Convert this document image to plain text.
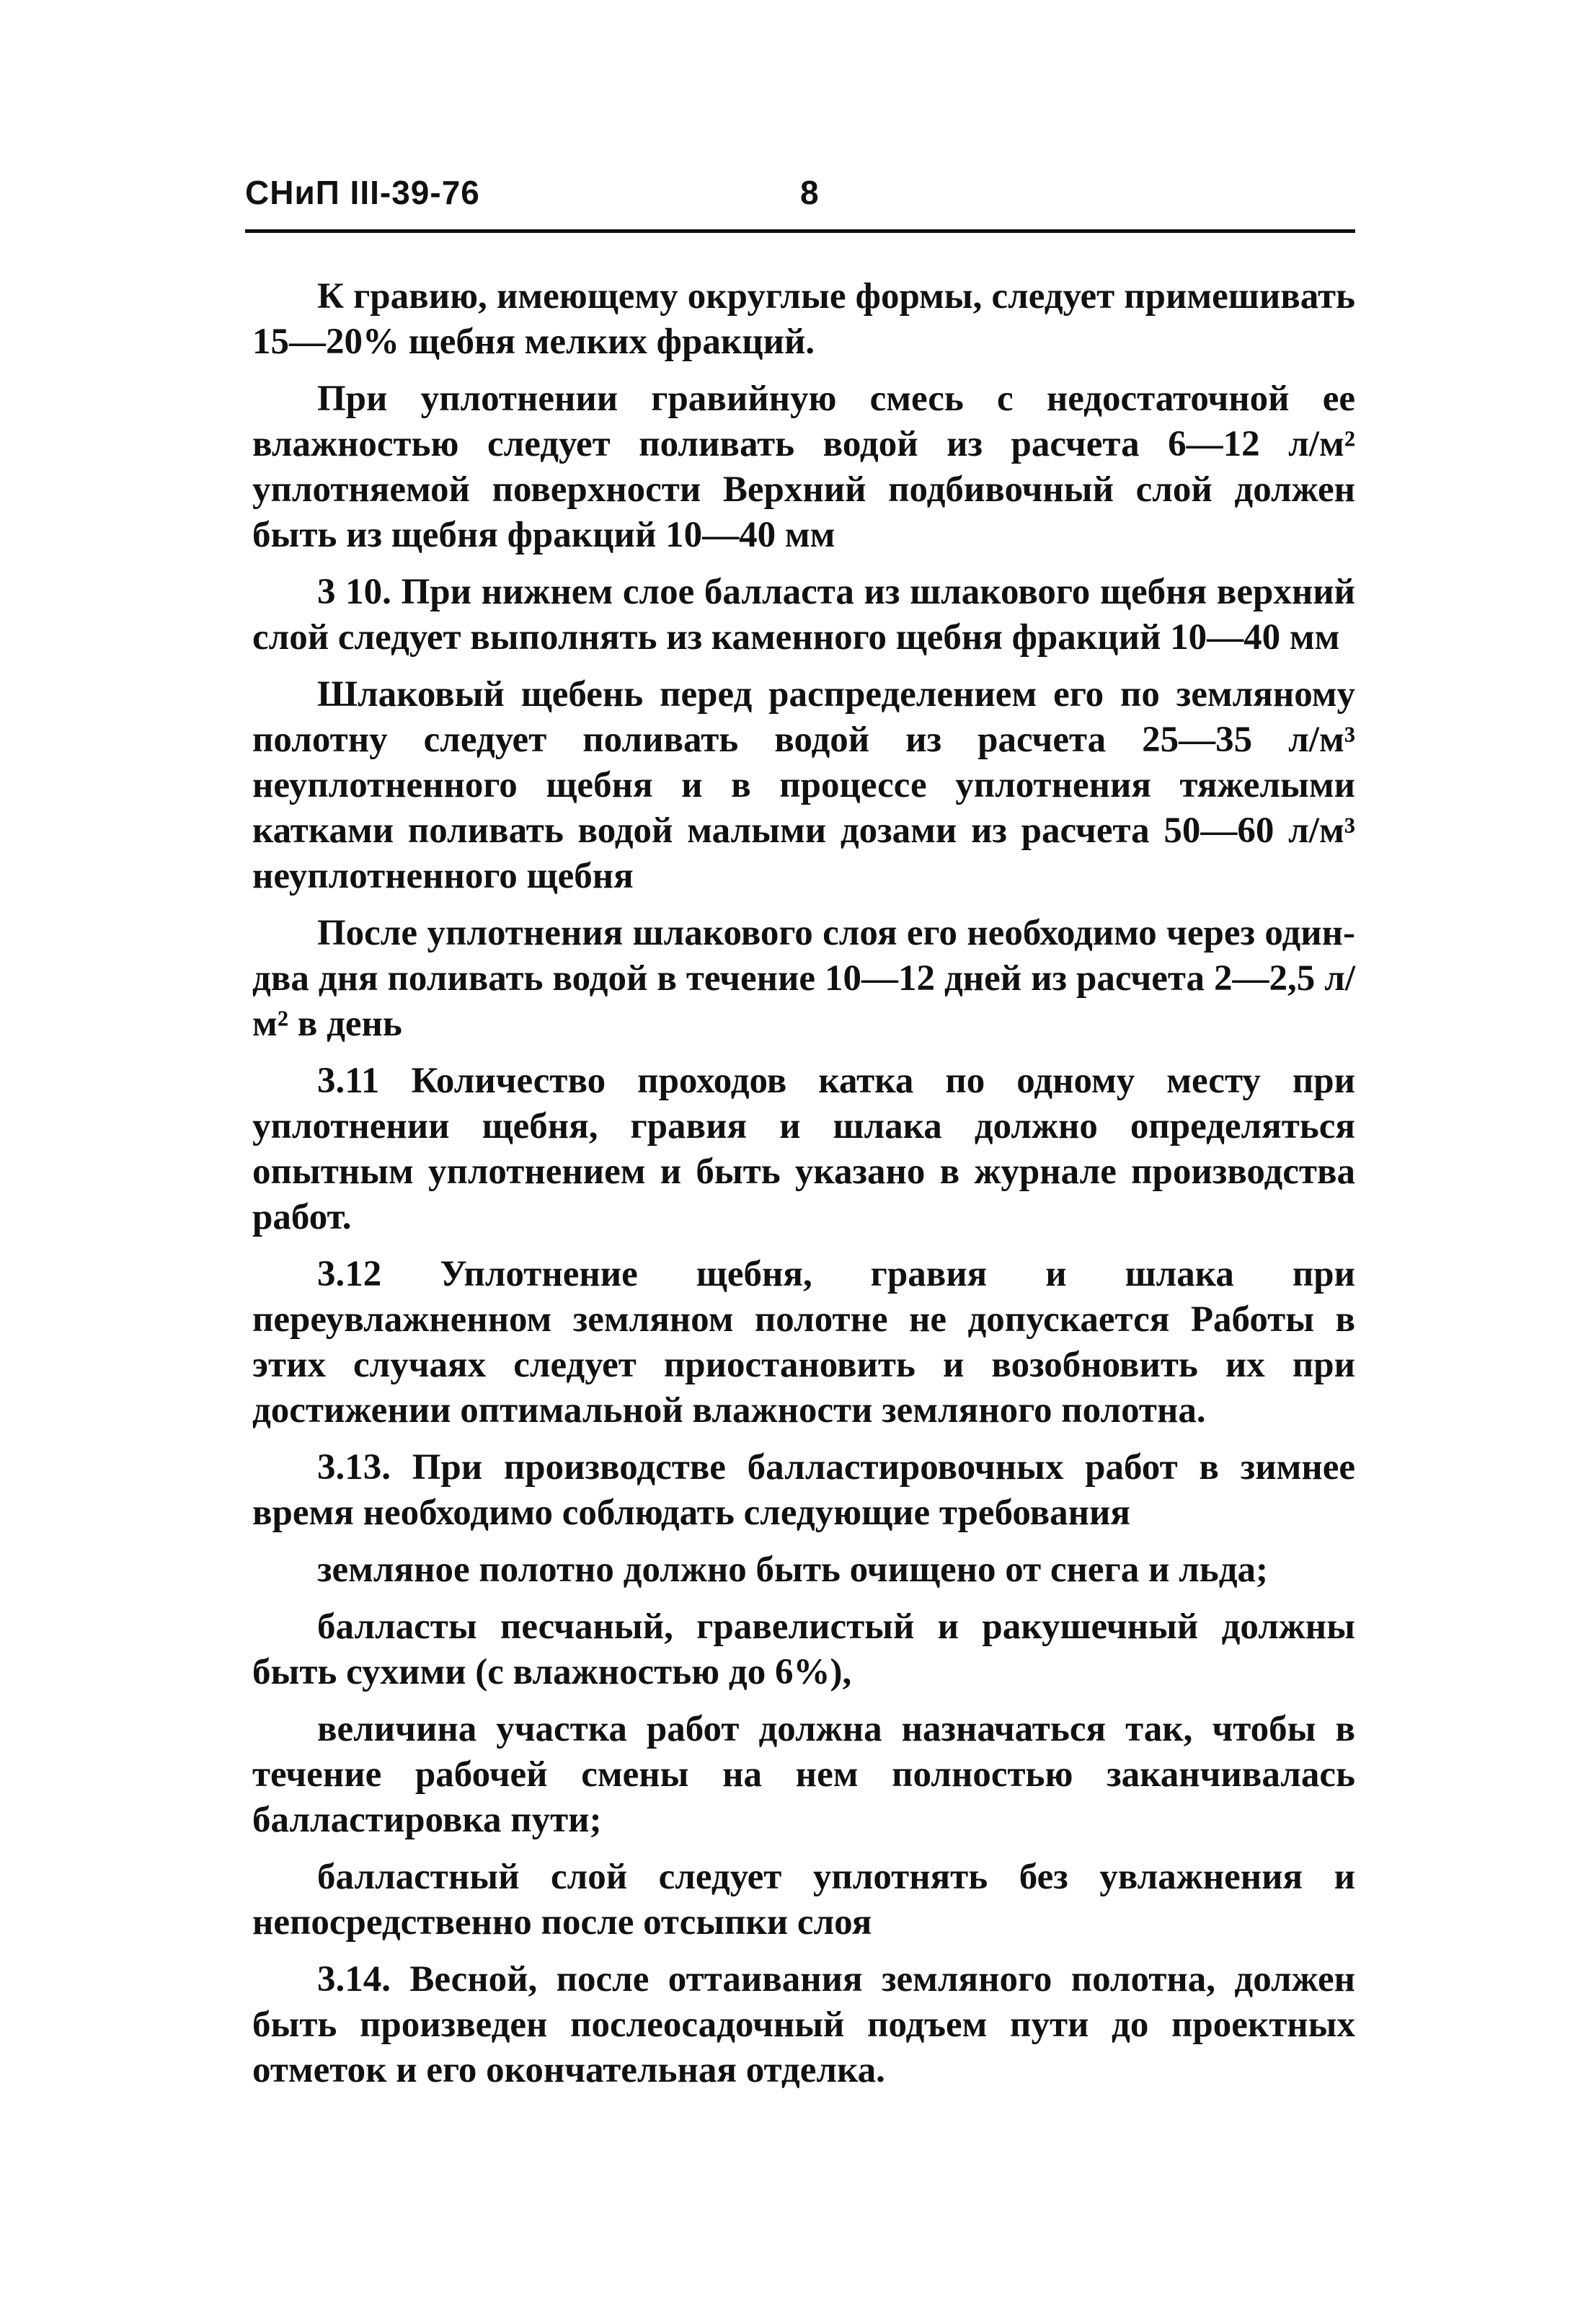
СНиП III-39-76	8

К гравию, имеющему округлые формы, следует примешивать 15—20% щебня мелких фракций.

При уплотнении гравийную смесь с недостаточной ее влажностью следует поливать водой из расчета 6—12 л/м² уплотняемой поверхности Верхний подбивочный слой должен быть из щебня фракций 10—40 мм

3 10. При нижнем слое балласта из шлакового щебня верхний слой следует выполнять из каменного щебня фракций 10—40 мм

Шлаковый щебень перед распределением его по земляному полотну следует поливать водой из расчета 25—35 л/м³ неуплотненного щебня и в процессе уплотнения тяжелыми катками поливать водой малыми дозами из расчета 50—60 л/м³ неуплотненного щебня

После уплотнения шлакового слоя его необходимо через один-два дня поливать водой в течение 10—12 дней из расчета 2—2,5 л/м² в день

3.11 Количество проходов катка по одному месту при уплотнении щебня, гравия и шлака должно определяться опытным уплотнением и быть указано в журнале производства работ.

3.12 Уплотнение щебня, гравия и шлака при переувлажненном земляном полотне не допускается Работы в этих случаях следует приостановить и возобновить их при достижении оптимальной влажности земляного полотна.

3.13. При производстве балластировочных работ в зимнее время необходимо соблюдать следующие требования

земляное полотно должно быть очищено от снега и льда;

балласты песчаный, гравелистый и ракушечный должны быть сухими (с влажностью до 6%),

величина участка работ должна назначаться так, чтобы в течение рабочей смены на нем полностью заканчивалась балластировка пути;

балластный слой следует уплотнять без увлажнения и непосредственно после отсыпки слоя

3.14. Весной, после оттаивания земляного полотна, должен быть произведен послеосадочный подъем пути до проектных отметок и его окончательная отделка.
